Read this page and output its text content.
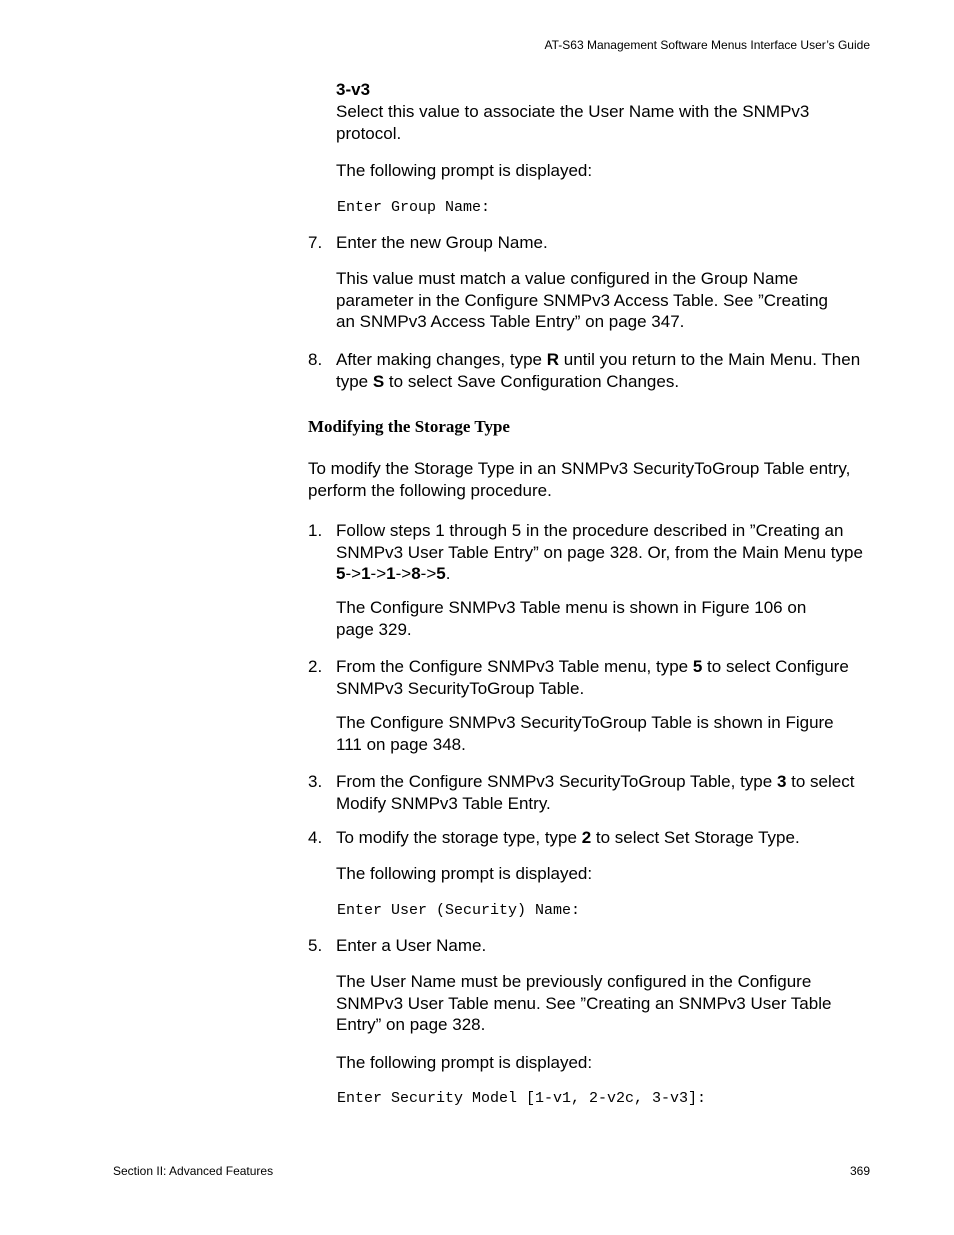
AT-S63 Management Software Menus Interface User’s Guide
3-v3
Select this value to associate the User Name with the SNMPv3 protocol.
The following prompt is displayed:
Enter Group Name:
7. Enter the new Group Name.
This value must match a value configured in the Group Name parameter in the Configure SNMPv3 Access Table. See ”Creating an SNMPv3 Access Table Entry” on page 347.
8. After making changes, type R until you return to the Main Menu. Then type S to select Save Configuration Changes.
Modifying the Storage Type
To modify the Storage Type in an SNMPv3 SecurityToGroup Table entry, perform the following procedure.
1. Follow steps 1 through 5 in the procedure described in ”Creating an SNMPv3 User Table Entry” on page 328. Or, from the Main Menu type 5->1->1->8->5.
The Configure SNMPv3 Table menu is shown in Figure 106 on page 329.
2. From the Configure SNMPv3 Table menu, type 5 to select Configure SNMPv3 SecurityToGroup Table.
The Configure SNMPv3 SecurityToGroup Table is shown in Figure 111 on page 348.
3. From the Configure SNMPv3 SecurityToGroup Table, type 3 to select Modify SNMPv3 Table Entry.
4. To modify the storage type, type 2 to select Set Storage Type.
The following prompt is displayed:
Enter User (Security) Name:
5. Enter a User Name.
The User Name must be previously configured in the Configure SNMPv3 User Table menu. See ”Creating an SNMPv3 User Table Entry” on page 328.
The following prompt is displayed:
Enter Security Model [1-v1, 2-v2c, 3-v3]:
Section II: Advanced Features	369
